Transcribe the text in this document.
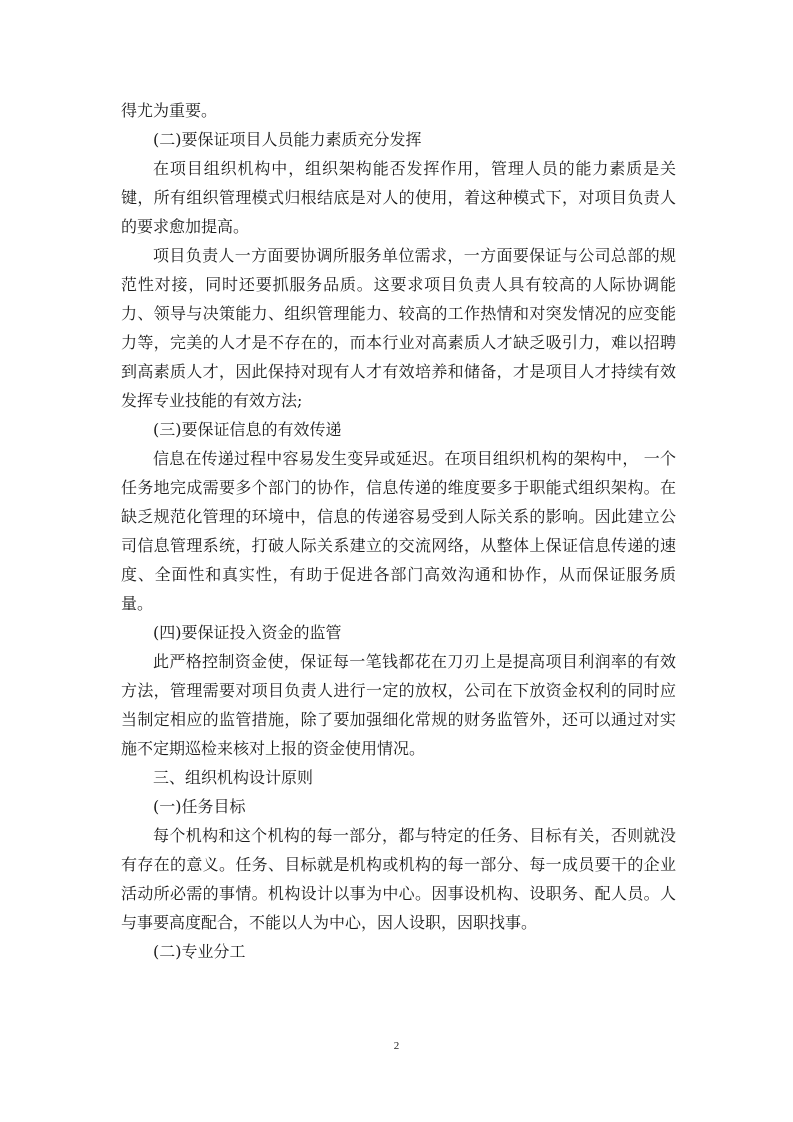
得尤为重要。

(二)要保证项目人员能力素质充分发挥

在项目组织机构中，组织架构能否发挥作用，管理人员的能力素质是关键，所有组织管理模式归根结底是对人的使用，着这种模式下，对项目负责人的要求愈加提高。

项目负责人一方面要协调所服务单位需求，一方面要保证与公司总部的规范性对接，同时还要抓服务品质。这要求项目负责人具有较高的人际协调能力、领导与决策能力、组织管理能力、较高的工作热情和对突发情况的应变能力等，完美的人才是不存在的，而本行业对高素质人才缺乏吸引力，难以招聘到高素质人才，因此保持对现有人才有效培养和储备，才是项目人才持续有效发挥专业技能的有效方法;

(三)要保证信息的有效传递

信息在传递过程中容易发生变异或延迟。在项目组织机构的架构中， 一个任务地完成需要多个部门的协作，信息传递的维度要多于职能式组织架构。在缺乏规范化管理的环境中，信息的传递容易受到人际关系的影响。因此建立公司信息管理系统，打破人际关系建立的交流网络，从整体上保证信息传递的速度、全面性和真实性，有助于促进各部门高效沟通和协作，从而保证服务质量。

(四)要保证投入资金的监管

此严格控制资金使，保证每一笔钱都花在刀刃上是提高项目利润率的有效方法，管理需要对项目负责人进行一定的放权，公司在下放资金权利的同时应当制定相应的监管措施，除了要加强细化常规的财务监管外，还可以通过对实施不定期巡检来核对上报的资金使用情况。

三、组织机构设计原则

(一)任务目标

每个机构和这个机构的每一部分，都与特定的任务、目标有关，否则就没有存在的意义。任务、目标就是机构或机构的每一部分、每一成员要干的企业活动所必需的事情。机构设计以事为中心。因事设机构、设职务、配人员。人与事要高度配合，不能以人为中心，因人设职，因职找事。

(二)专业分工

2
